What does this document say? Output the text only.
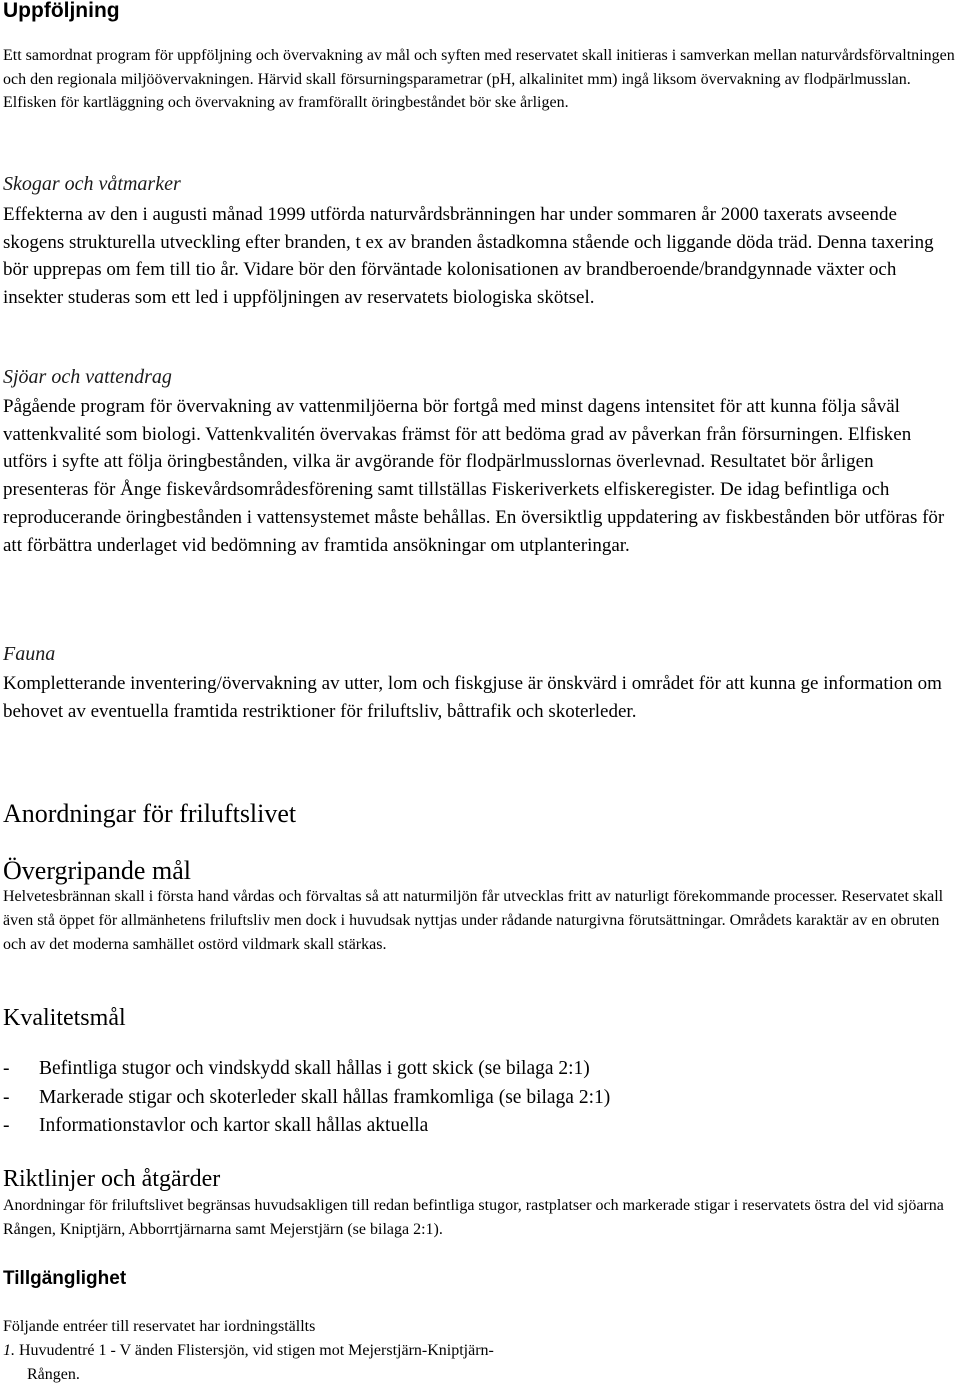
Uppföljning

Ett samordnat program för uppföljning och övervakning av mål och syften med reservatet skall initieras i samverkan mellan naturvårdsförvaltningen och den regionala miljöövervakningen. Härvid skall försurningsparametrar (pH, alkalinitet mm) ingå liksom övervakning av flodpärlmusslan. Elfisken för kartläggning och övervakning av framförallt öringbeståndet bör ske årligen.

Skogar och våtmarker

Effekterna av den i augusti månad 1999 utförda naturvårdsbränningen har under sommaren år 2000 taxerats avseende skogens strukturella utveckling efter branden, t ex av branden åstadkomna stående och liggande döda träd. Denna taxering bör upprepas om fem till tio år. Vidare bör den förväntade kolonisationen av brandberoende/brandgynnade växter och insekter studeras som ett led i uppföljningen av reservatets biologiska skötsel.

Sjöar och vattendrag

Pågående program för övervakning av vattenmiljöerna bör fortgå med minst dagens intensitet för att kunna följa såväl vattenkvalité som biologi. Vattenkvalitén övervakas främst för att bedöma grad av påverkan från försurningen. Elfisken utförs i syfte att följa öringbestånden, vilka är avgörande för flodpärlmusslornas överlevnad. Resultatet bör årligen presenteras för Ånge fiskevårdsområdesförening samt tillställas Fiskeriverkets elfiskeregister. De idag befintliga och reproducerande öringbestånden i vattensystemet måste behållas. En översiktlig uppdatering av fiskbestånden bör utföras för att förbättra underlaget vid bedömning av framtida ansökningar om utplanteringar.

Fauna

Kompletterande inventering/övervakning av utter, lom och fiskgjuse är önskvärd i området för att kunna ge information om behovet av eventuella framtida restriktioner för friluftsliv, båttrafik och skoterleder.

Anordningar för friluftslivet
Övergripande mål

Helvetesbrännan skall i första hand vårdas och förvaltas så att naturmiljön får utvecklas fritt av naturligt förekommande processer. Reservatet skall även stå öppet för allmänhetens friluftsliv men dock i huvudsak nyttjas under rådande naturgivna förutsättningar. Områdets karaktär av en obruten och av det moderna samhället ostörd vildmark skall stärkas.

Kvalitetsmål
- Befintliga stugor och vindskydd skall hållas i gott skick (se bilaga 2:1)
- Markerade stigar och skoterleder skall hållas framkomliga (se bilaga 2:1)
- Informationstavlor och kartor skall hållas aktuella
Riktlinjer och åtgärder

Anordningar för friluftslivet begränsas huvudsakligen till redan befintliga stugor, rastplatser och markerade stigar i reservatets östra del vid sjöarna Rången, Kniptjärn, Abborrtjärnarna samt Mejerstjärn (se bilaga 2:1).

Tillgänglighet
Följande entréer till reservatet har iordningställts
1. Huvudentré 1 - V änden Flistersjön, vid stigen mot Mejerstjärn-Kniptjärn-
Rången.
